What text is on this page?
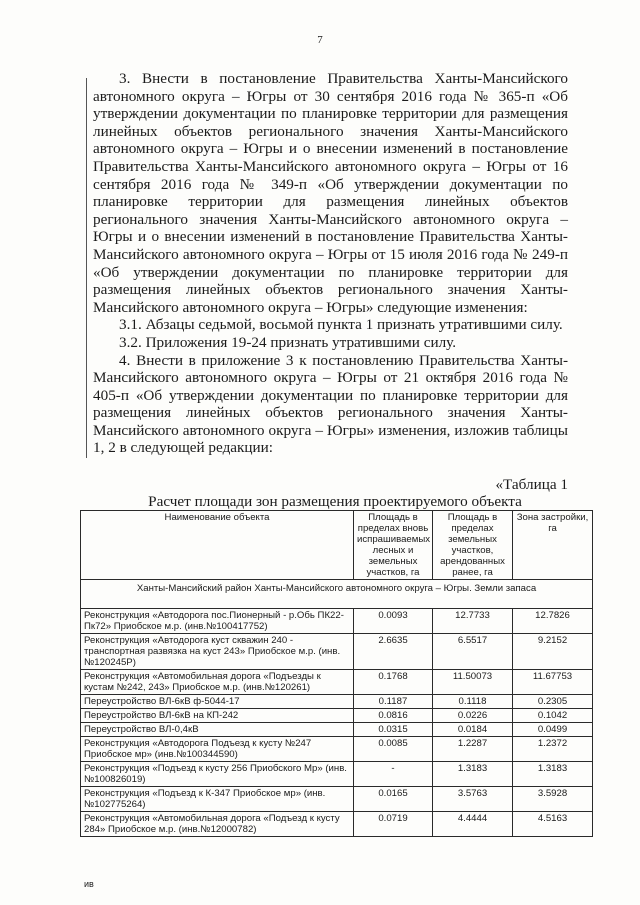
7

3. Внести в постановление Правительства Ханты-Мансийского автономного округа – Югры от 30 сентября 2016 года № 365-п «Об утверждении документации по планировке территории для размещения линейных объектов регионального значения Ханты-Мансийского автономного округа – Югры и о внесении изменений в постановление Правительства Ханты-Мансийского автономного округа – Югры от 16 сентября 2016 года № 349-п «Об утверждении документации по планировке территории для размещения линейных объектов регионального значения Ханты-Мансийского автономного округа – Югры и о внесении изменений в постановление Правительства Ханты-Мансийского автономного округа – Югры от 15 июля 2016 года № 249-п «Об утверждении документации по планировке территории для размещения линейных объектов регионального значения Ханты-Мансийского автономного округа – Югры» следующие изменения:

3.1. Абзацы седьмой, восьмой пункта 1 признать утратившими силу.

3.2. Приложения 19-24 признать утратившими силу.

4. Внести в приложение 3 к постановлению Правительства Ханты-Мансийского автономного округа – Югры от 21 октября 2016 года № 405-п «Об утверждении документации по планировке территории для размещения линейных объектов регионального значения Ханты-Мансийского автономного округа – Югры» изменения, изложив таблицы 1, 2 в следующей редакции:

«Таблица 1
Расчет площади зон размещения проектируемого объекта
Наименование объекта	Площадь в пределах вновь испрашиваемых лесных и земельных участков, га	Площадь в пределах земельных участков, арендованных ранее, га	Зона застройки, га
Ханты-Мансийский район Ханты-Мансийского автономного округа – Югры. Земли запаса			
Реконструкция «Автодорога пос.Пионерный - р.Обь ПК22-Пк72» Приобское м.р. (инв.№100417752)	0.0093	12.7733	12.7826
Реконструкция «Автодорога куст скважин 240 - транспортная развязка на куст 243» Приобское м.р. (инв.№120245Р)	2.6635	6.5517	9.2152
Реконструкция «Автомобильная дорога «Подъезды к кустам №242, 243» Приобское м.р. (инв.№120261)	0.1768	11.50073	11.67753
Переустройство ВЛ-6кВ ф-5044-17	0.1187	0.1118	0.2305
Переустройство ВЛ-6кВ на КП-242	0.0816	0.0226	0.1042
Переустройство ВЛ-0,4кВ	0.0315	0.0184	0.0499
Реконструкция «Автодорога Подъезд к кусту №247 Приобское мр» (инв.№100344590)	0.0085	1.2287	1.2372
Реконструкция «Подъезд к кусту 256 Приобского Мр» (инв.№100826019)	-	1.3183	1.3183
Реконструкция «Подъезд к К-347 Приобское мр» (инв.№102775264)	0.0165	3.5763	3.5928
Реконструкция «Автомобильная дорога «Подъезд к кусту 284» Приобское м.р. (инв.№12000782)	0.0719	4.4444	4.5163
ив
